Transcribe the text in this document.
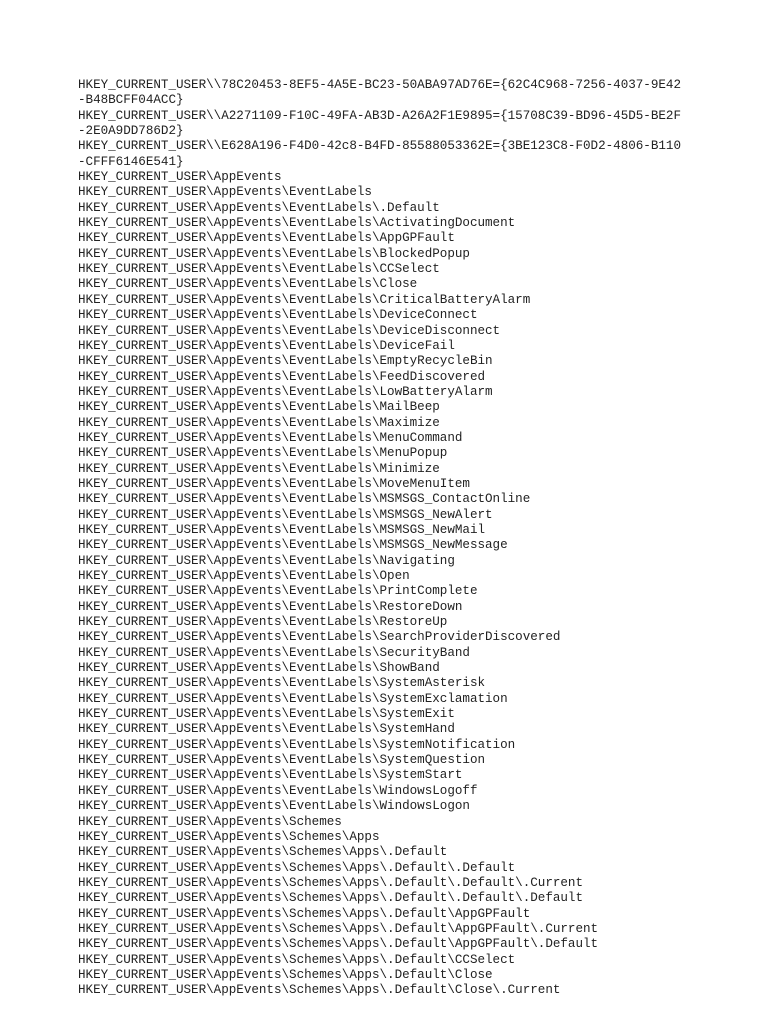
HKEY_CURRENT_USER\\78C20453-8EF5-4A5E-BC23-50ABA97AD76E={62C4C968-7256-4037-9E42
-B48BCFF04ACC}
HKEY_CURRENT_USER\\A2271109-F10C-49FA-AB3D-A26A2F1E9895={15708C39-BD96-45D5-BE2F
-2E0A9DD786D2}
HKEY_CURRENT_USER\\E628A196-F4D0-42c8-B4FD-85588053362E={3BE123C8-F0D2-4806-B110
-CFFF6146E541}
HKEY_CURRENT_USER\AppEvents
HKEY_CURRENT_USER\AppEvents\EventLabels
HKEY_CURRENT_USER\AppEvents\EventLabels\.Default
HKEY_CURRENT_USER\AppEvents\EventLabels\ActivatingDocument
HKEY_CURRENT_USER\AppEvents\EventLabels\AppGPFault
HKEY_CURRENT_USER\AppEvents\EventLabels\BlockedPopup
HKEY_CURRENT_USER\AppEvents\EventLabels\CCSelect
HKEY_CURRENT_USER\AppEvents\EventLabels\Close
HKEY_CURRENT_USER\AppEvents\EventLabels\CriticalBatteryAlarm
HKEY_CURRENT_USER\AppEvents\EventLabels\DeviceConnect
HKEY_CURRENT_USER\AppEvents\EventLabels\DeviceDisconnect
HKEY_CURRENT_USER\AppEvents\EventLabels\DeviceFail
HKEY_CURRENT_USER\AppEvents\EventLabels\EmptyRecycleBin
HKEY_CURRENT_USER\AppEvents\EventLabels\FeedDiscovered
HKEY_CURRENT_USER\AppEvents\EventLabels\LowBatteryAlarm
HKEY_CURRENT_USER\AppEvents\EventLabels\MailBeep
HKEY_CURRENT_USER\AppEvents\EventLabels\Maximize
HKEY_CURRENT_USER\AppEvents\EventLabels\MenuCommand
HKEY_CURRENT_USER\AppEvents\EventLabels\MenuPopup
HKEY_CURRENT_USER\AppEvents\EventLabels\Minimize
HKEY_CURRENT_USER\AppEvents\EventLabels\MoveMenuItem
HKEY_CURRENT_USER\AppEvents\EventLabels\MSMSGS_ContactOnline
HKEY_CURRENT_USER\AppEvents\EventLabels\MSMSGS_NewAlert
HKEY_CURRENT_USER\AppEvents\EventLabels\MSMSGS_NewMail
HKEY_CURRENT_USER\AppEvents\EventLabels\MSMSGS_NewMessage
HKEY_CURRENT_USER\AppEvents\EventLabels\Navigating
HKEY_CURRENT_USER\AppEvents\EventLabels\Open
HKEY_CURRENT_USER\AppEvents\EventLabels\PrintComplete
HKEY_CURRENT_USER\AppEvents\EventLabels\RestoreDown
HKEY_CURRENT_USER\AppEvents\EventLabels\RestoreUp
HKEY_CURRENT_USER\AppEvents\EventLabels\SearchProviderDiscovered
HKEY_CURRENT_USER\AppEvents\EventLabels\SecurityBand
HKEY_CURRENT_USER\AppEvents\EventLabels\ShowBand
HKEY_CURRENT_USER\AppEvents\EventLabels\SystemAsterisk
HKEY_CURRENT_USER\AppEvents\EventLabels\SystemExclamation
HKEY_CURRENT_USER\AppEvents\EventLabels\SystemExit
HKEY_CURRENT_USER\AppEvents\EventLabels\SystemHand
HKEY_CURRENT_USER\AppEvents\EventLabels\SystemNotification
HKEY_CURRENT_USER\AppEvents\EventLabels\SystemQuestion
HKEY_CURRENT_USER\AppEvents\EventLabels\SystemStart
HKEY_CURRENT_USER\AppEvents\EventLabels\WindowsLogoff
HKEY_CURRENT_USER\AppEvents\EventLabels\WindowsLogon
HKEY_CURRENT_USER\AppEvents\Schemes
HKEY_CURRENT_USER\AppEvents\Schemes\Apps
HKEY_CURRENT_USER\AppEvents\Schemes\Apps\.Default
HKEY_CURRENT_USER\AppEvents\Schemes\Apps\.Default\.Default
HKEY_CURRENT_USER\AppEvents\Schemes\Apps\.Default\.Default\.Current
HKEY_CURRENT_USER\AppEvents\Schemes\Apps\.Default\.Default\.Default
HKEY_CURRENT_USER\AppEvents\Schemes\Apps\.Default\AppGPFault
HKEY_CURRENT_USER\AppEvents\Schemes\Apps\.Default\AppGPFault\.Current
HKEY_CURRENT_USER\AppEvents\Schemes\Apps\.Default\AppGPFault\.Default
HKEY_CURRENT_USER\AppEvents\Schemes\Apps\.Default\CCSelect
HKEY_CURRENT_USER\AppEvents\Schemes\Apps\.Default\Close
HKEY_CURRENT_USER\AppEvents\Schemes\Apps\.Default\Close\.Current
